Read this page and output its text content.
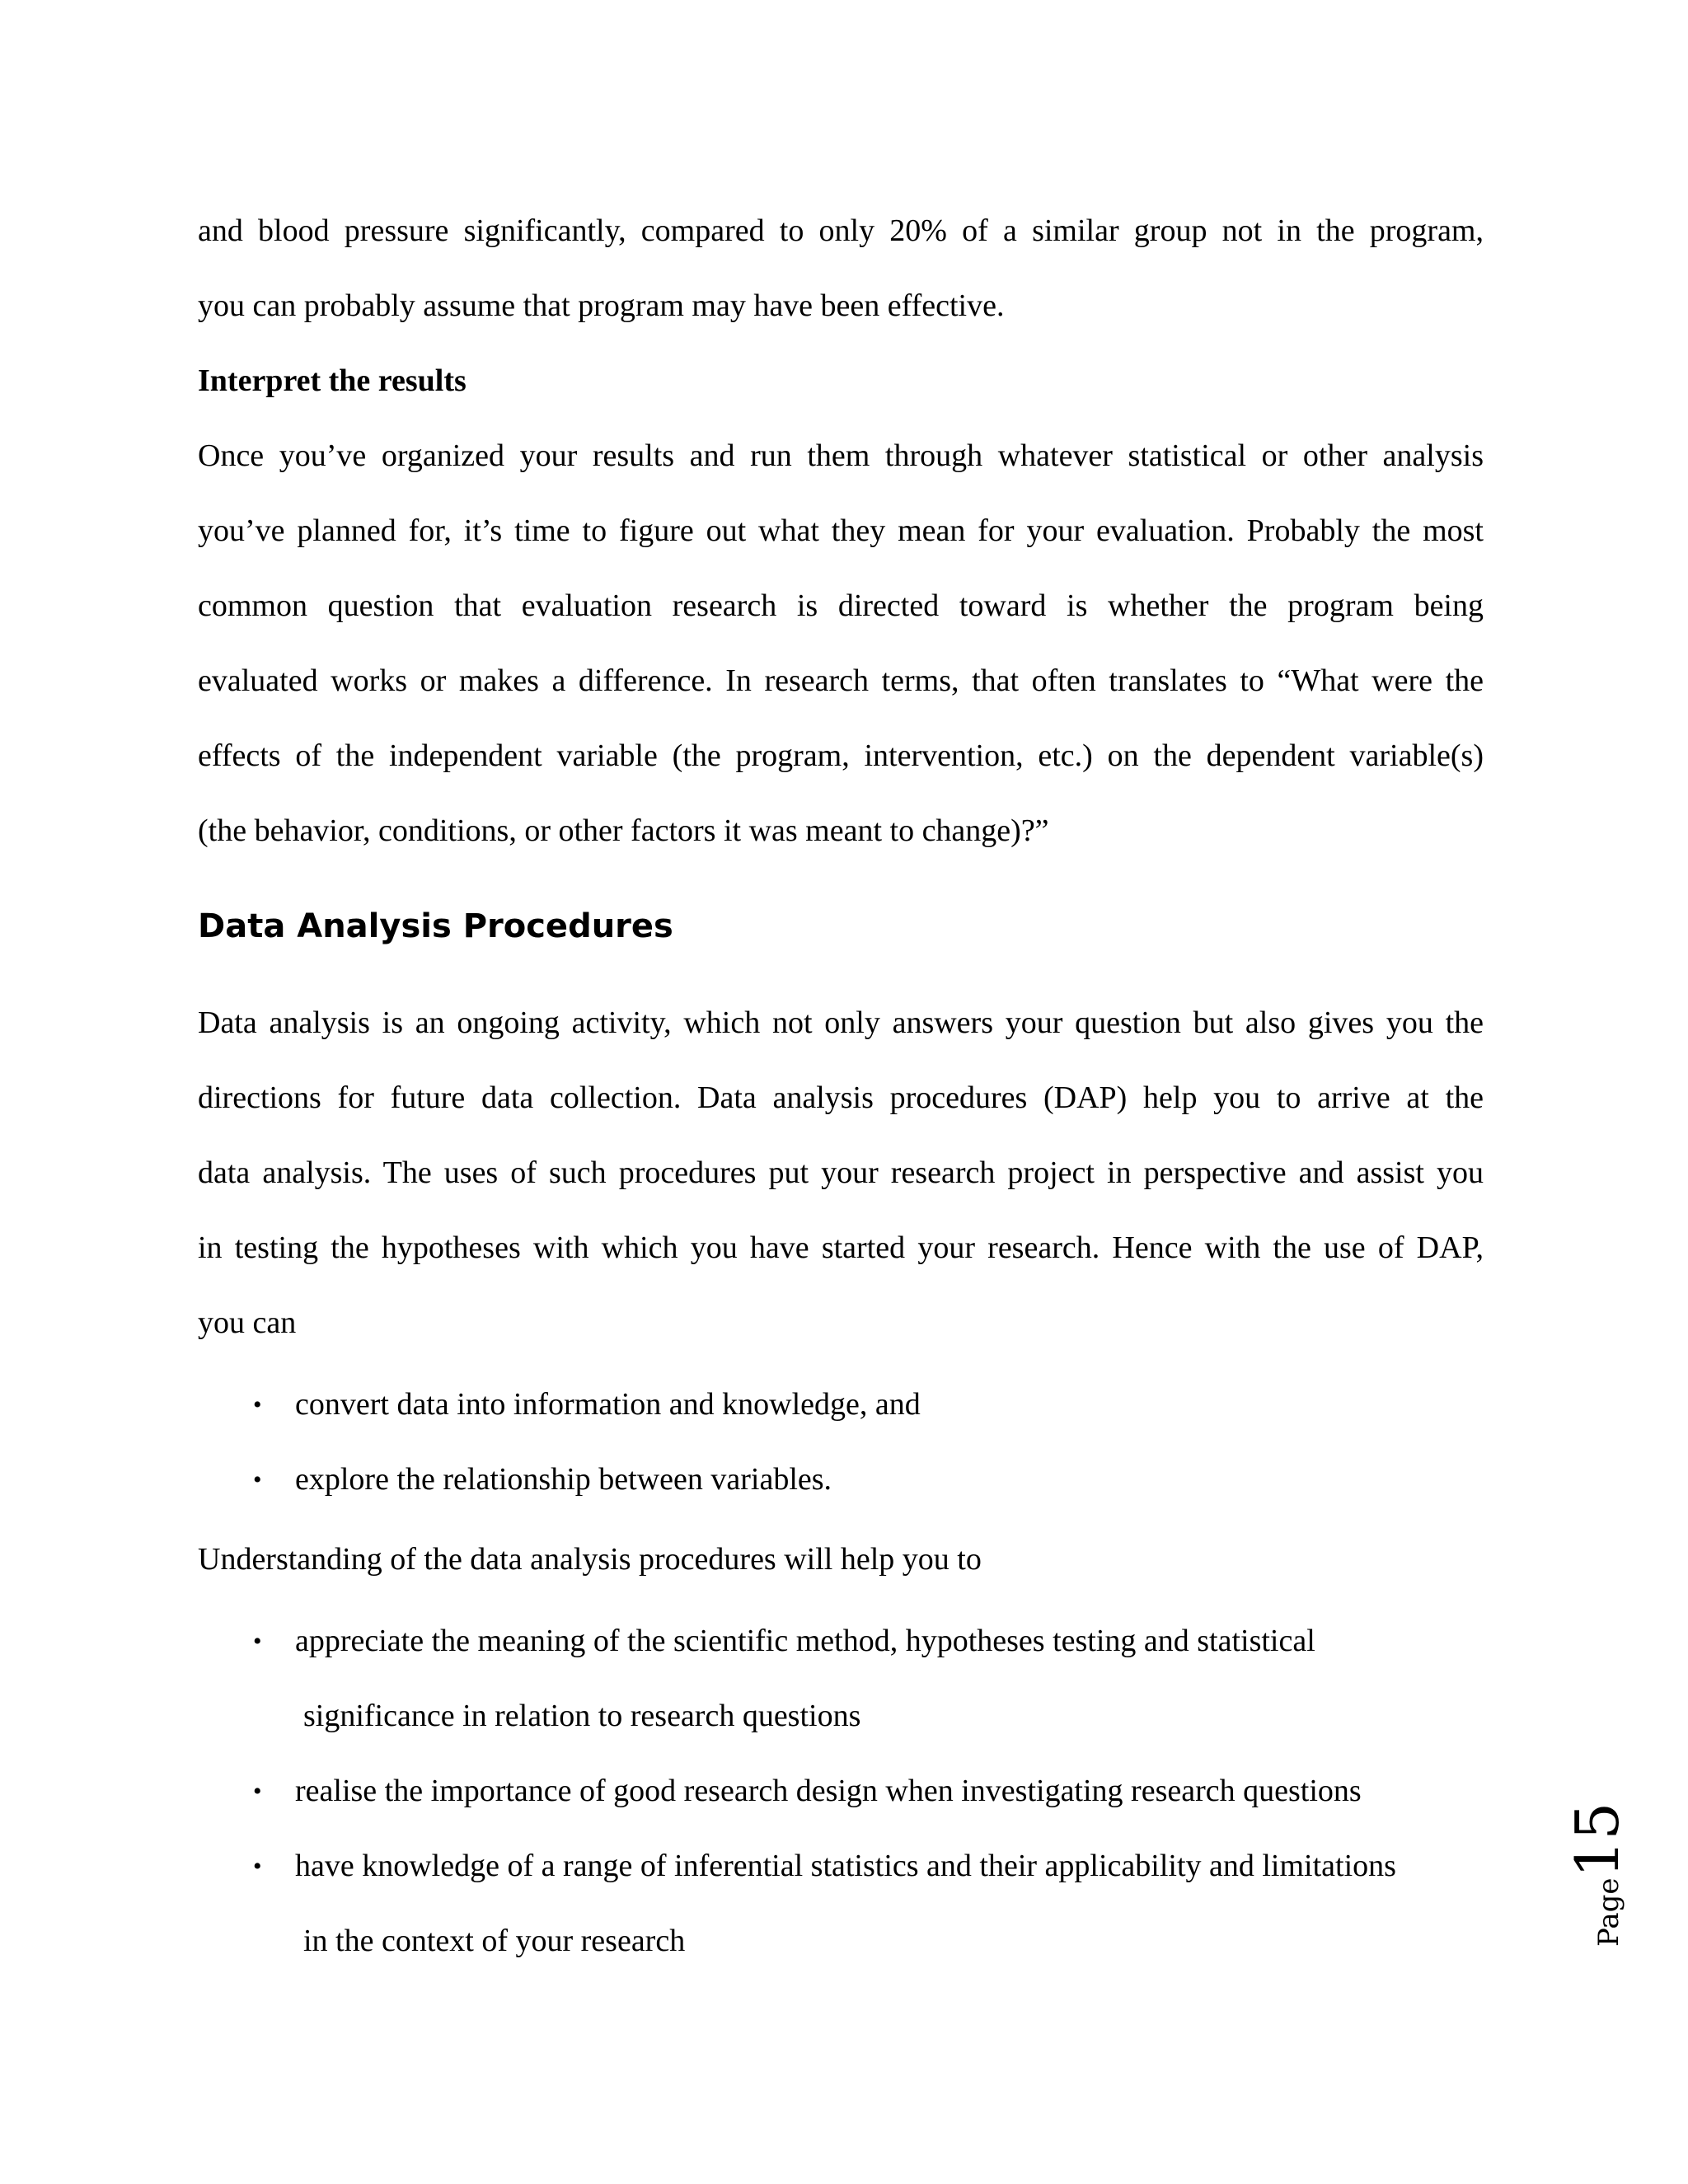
and blood pressure significantly, compared to only 20% of a similar group not in the program,
you can probably assume that program may have been effective.

Interpret the results

Once you’ve organized your results and run them through whatever statistical or other analysis
you’ve planned for, it’s time to figure out what they mean for your evaluation. Probably the most
common question that evaluation research is directed toward is whether the program being
evaluated works or makes a difference. In research terms, that often translates to “What were the
effects of the independent variable (the program, intervention, etc.) on the dependent variable(s)
(the behavior, conditions, or other factors it was meant to change)?”

Data Analysis Procedures

Data analysis is an ongoing activity, which not only answers your question but also gives you the
directions for future data collection. Data analysis procedures (DAP) help you to arrive at the
data analysis. The uses of such procedures put your research project in perspective and assist you
in testing the hypotheses with which you have started your research. Hence with the use of DAP,
you can

• convert data into information and knowledge, and
• explore the relationship between variables.

Understanding of the data analysis procedures will help you to

• appreciate the meaning of the scientific method, hypotheses testing and statistical
significance in relation to research questions
• realise the importance of good research design when investigating research questions
• have knowledge of a range of inferential statistics and their applicability and limitations
in the context of your research	Page15
